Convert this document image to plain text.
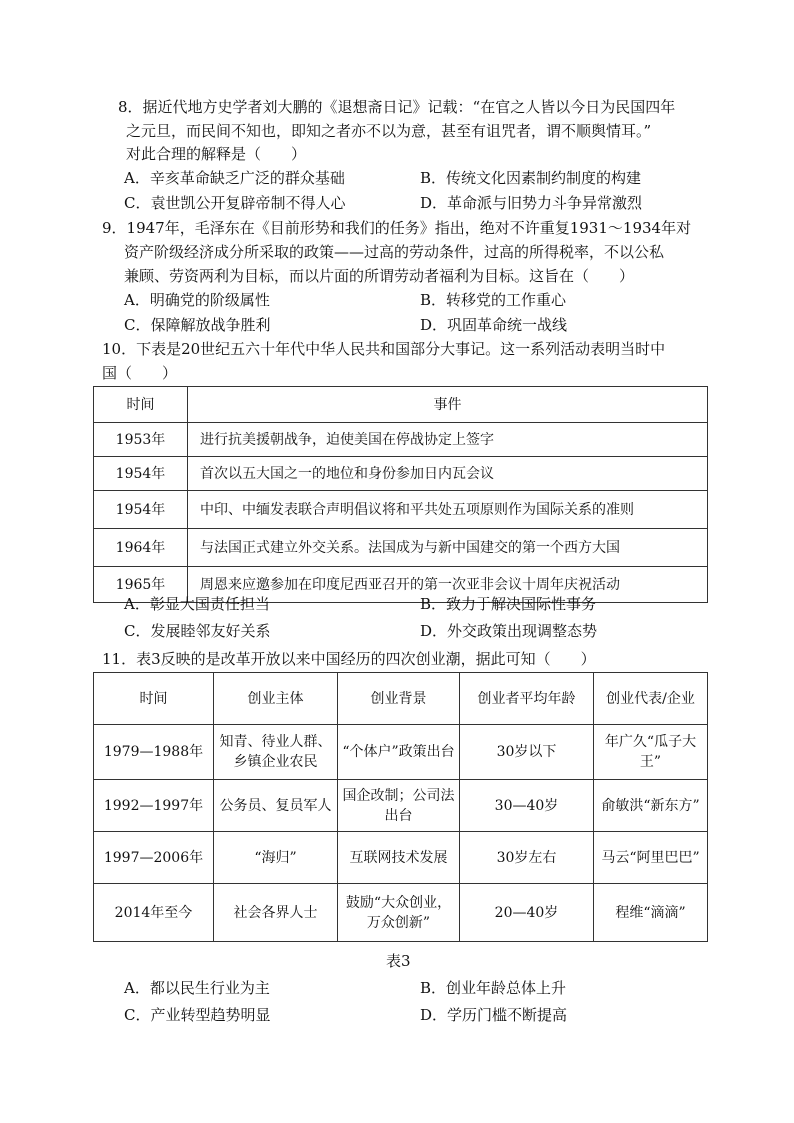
8．据近代地方史学者刘大鹏的《退想斋日记》记载：“在官之人皆以今日为民国四年
之元旦，而民间不知也，即知之者亦不以为意，甚至有诅咒者，谓不顺舆情耳。”
对此合理的解释是（　　）
A．辛亥革命缺乏广泛的群众基础	B．传统文化因素制约制度的构建
C．袁世凯公开复辟帝制不得人心	D．革命派与旧势力斗争异常激烈
9．1947年，毛泽东在《目前形势和我们的任务》指出，绝对不许重复1931～1934年对
资产阶级经济成分所采取的政策——过高的劳动条件，过高的所得税率，不以公私
兼顾、劳资两利为目标，而以片面的所谓劳动者福利为目标。这旨在（　　）
A．明确党的阶级属性	B．转移党的工作重心
C．保障解放战争胜利	D．巩固革命统一战线
10．下表是20世纪五六十年代中华人民共和国部分大事记。这一系列活动表明当时中
国（　　）
时间	事件
1953年	进行抗美援朝战争，迫使美国在停战协定上签字
1954年	首次以五大国之一的地位和身份参加日内瓦会议
1954年	中印、中缅发表联合声明倡议将和平共处五项原则作为国际关系的准则
1964年	与法国正式建立外交关系。法国成为与新中国建交的第一个西方大国
1965年	周恩来应邀参加在印度尼西亚召开的第一次亚非会议十周年庆祝活动
A．彰显大国责任担当	B．致力于解决国际性事务
C．发展睦邻友好关系	D．外交政策出现调整态势
11．表3反映的是改革开放以来中国经历的四次创业潮，据此可知（　　）
时间	创业主体	创业背景	创业者平均年龄	创业代表/企业
1979—1988年	知青、待业人群、乡镇企业农民	“个体户”政策出台	30岁以下	年广久“瓜子大王”
1992—1997年	公务员、复员军人	国企改制；公司法出台	30—40岁	俞敏洪“新东方”
1997—2006年	“海归”	互联网技术发展	30岁左右	马云“阿里巴巴”
2014年至今	社会各界人士	鼓励“大众创业，万众创新”	20—40岁	程维“滴滴”
表3
A．都以民生行业为主	B．创业年龄总体上升
C．产业转型趋势明显	D．学历门槛不断提高
